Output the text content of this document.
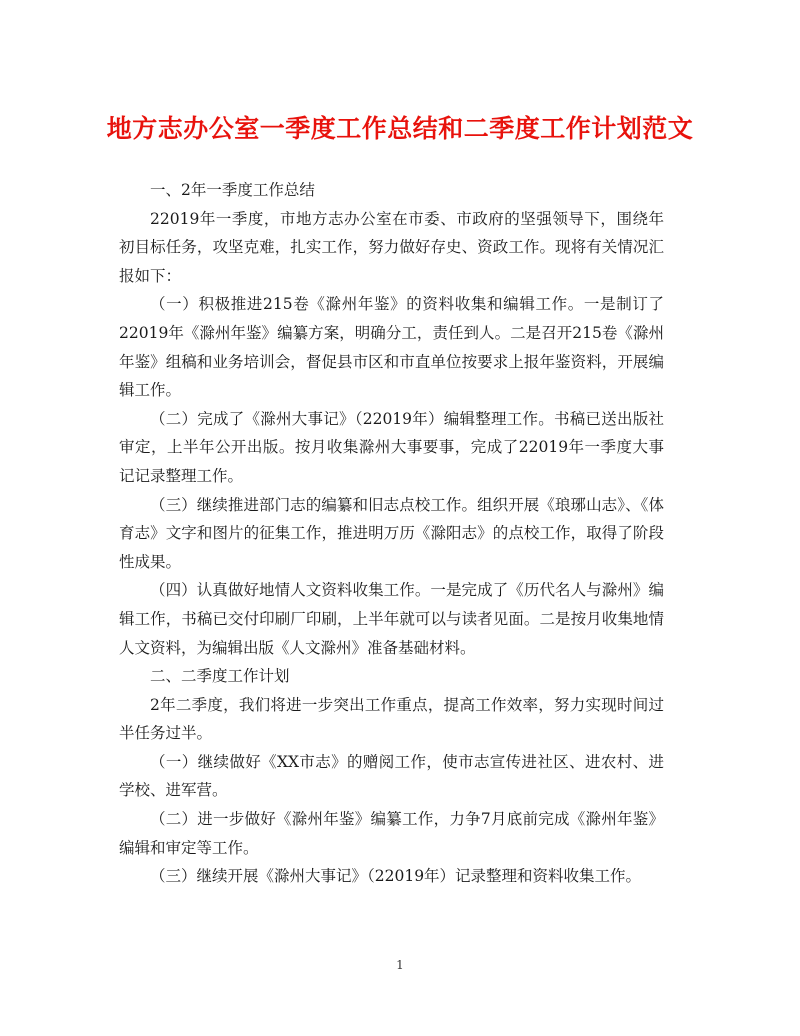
地方志办公室一季度工作总结和二季度工作计划范文

一、2年一季度工作总结

22019年一季度，市地方志办公室在市委、市政府的坚强领导下，围绕年初目标任务，攻坚克难，扎实工作，努力做好存史、资政工作。现将有关情况汇报如下：

（一）积极推进215卷《滁州年鉴》的资料收集和编辑工作。一是制订了22019年《滁州年鉴》编纂方案，明确分工，责任到人。二是召开215卷《滁州年鉴》组稿和业务培训会，督促县市区和市直单位按要求上报年鉴资料，开展编辑工作。

（二）完成了《滁州大事记》（22019年）编辑整理工作。书稿已送出版社审定，上半年公开出版。按月收集滁州大事要事，完成了22019年一季度大事记记录整理工作。

（三）继续推进部门志的编纂和旧志点校工作。组织开展《琅琊山志》、《体育志》文字和图片的征集工作，推进明万历《滁阳志》的点校工作，取得了阶段性成果。

（四）认真做好地情人文资料收集工作。一是完成了《历代名人与滁州》编辑工作，书稿已交付印刷厂印刷，上半年就可以与读者见面。二是按月收集地情人文资料，为编辑出版《人文滁州》准备基础材料。

二、二季度工作计划

2年二季度，我们将进一步突出工作重点，提高工作效率，努力实现时间过半任务过半。

（一）继续做好《XX市志》的赠阅工作，使市志宣传进社区、进农村、进学校、进军营。

（二）进一步做好《滁州年鉴》编纂工作，力争7月底前完成《滁州年鉴》编辑和审定等工作。

（三）继续开展《滁州大事记》（22019年）记录整理和资料收集工作。

1
